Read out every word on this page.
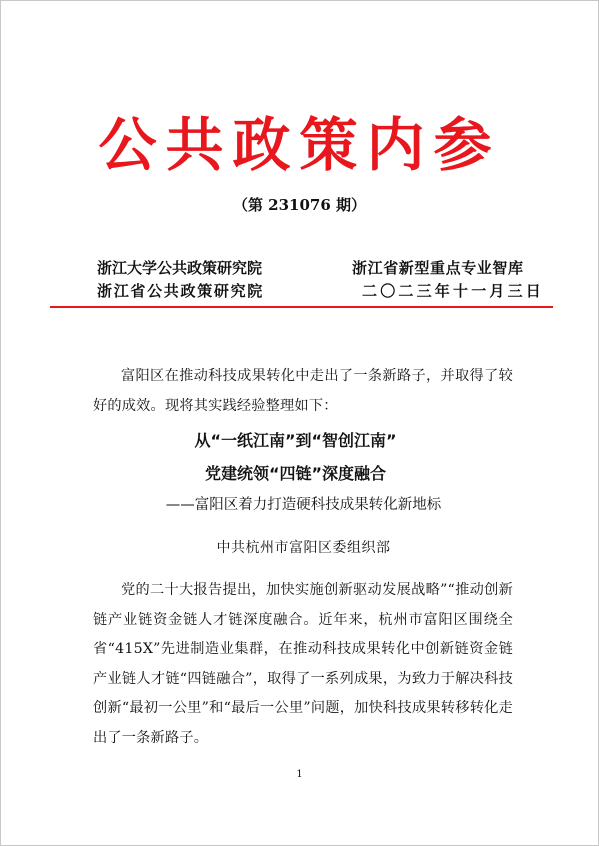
公共政策内参
（第 231076 期）
浙江大学公共政策研究院	浙江省新型重点专业智库
浙江省公共政策研究院	二〇二三年十一月三日
富阳区在推动科技成果转化中走出了一条新路子，并取得了较好的成效。现将其实践经验整理如下：
从“一纸江南”到“智创江南”
党建统领“四链”深度融合
——富阳区着力打造硬科技成果转化新地标
中共杭州市富阳区委组织部
党的二十大报告提出，加快实施创新驱动发展战略”“推动创新链产业链资金链人才链深度融合。近年来，杭州市富阳区围绕全省“415X”先进制造业集群，在推动科技成果转化中创新链资金链产业链人才链“四链融合”，取得了一系列成果，为致力于解决科技创新“最初一公里”和“最后一公里”问题，加快科技成果转移转化走出了一条新路子。
1
